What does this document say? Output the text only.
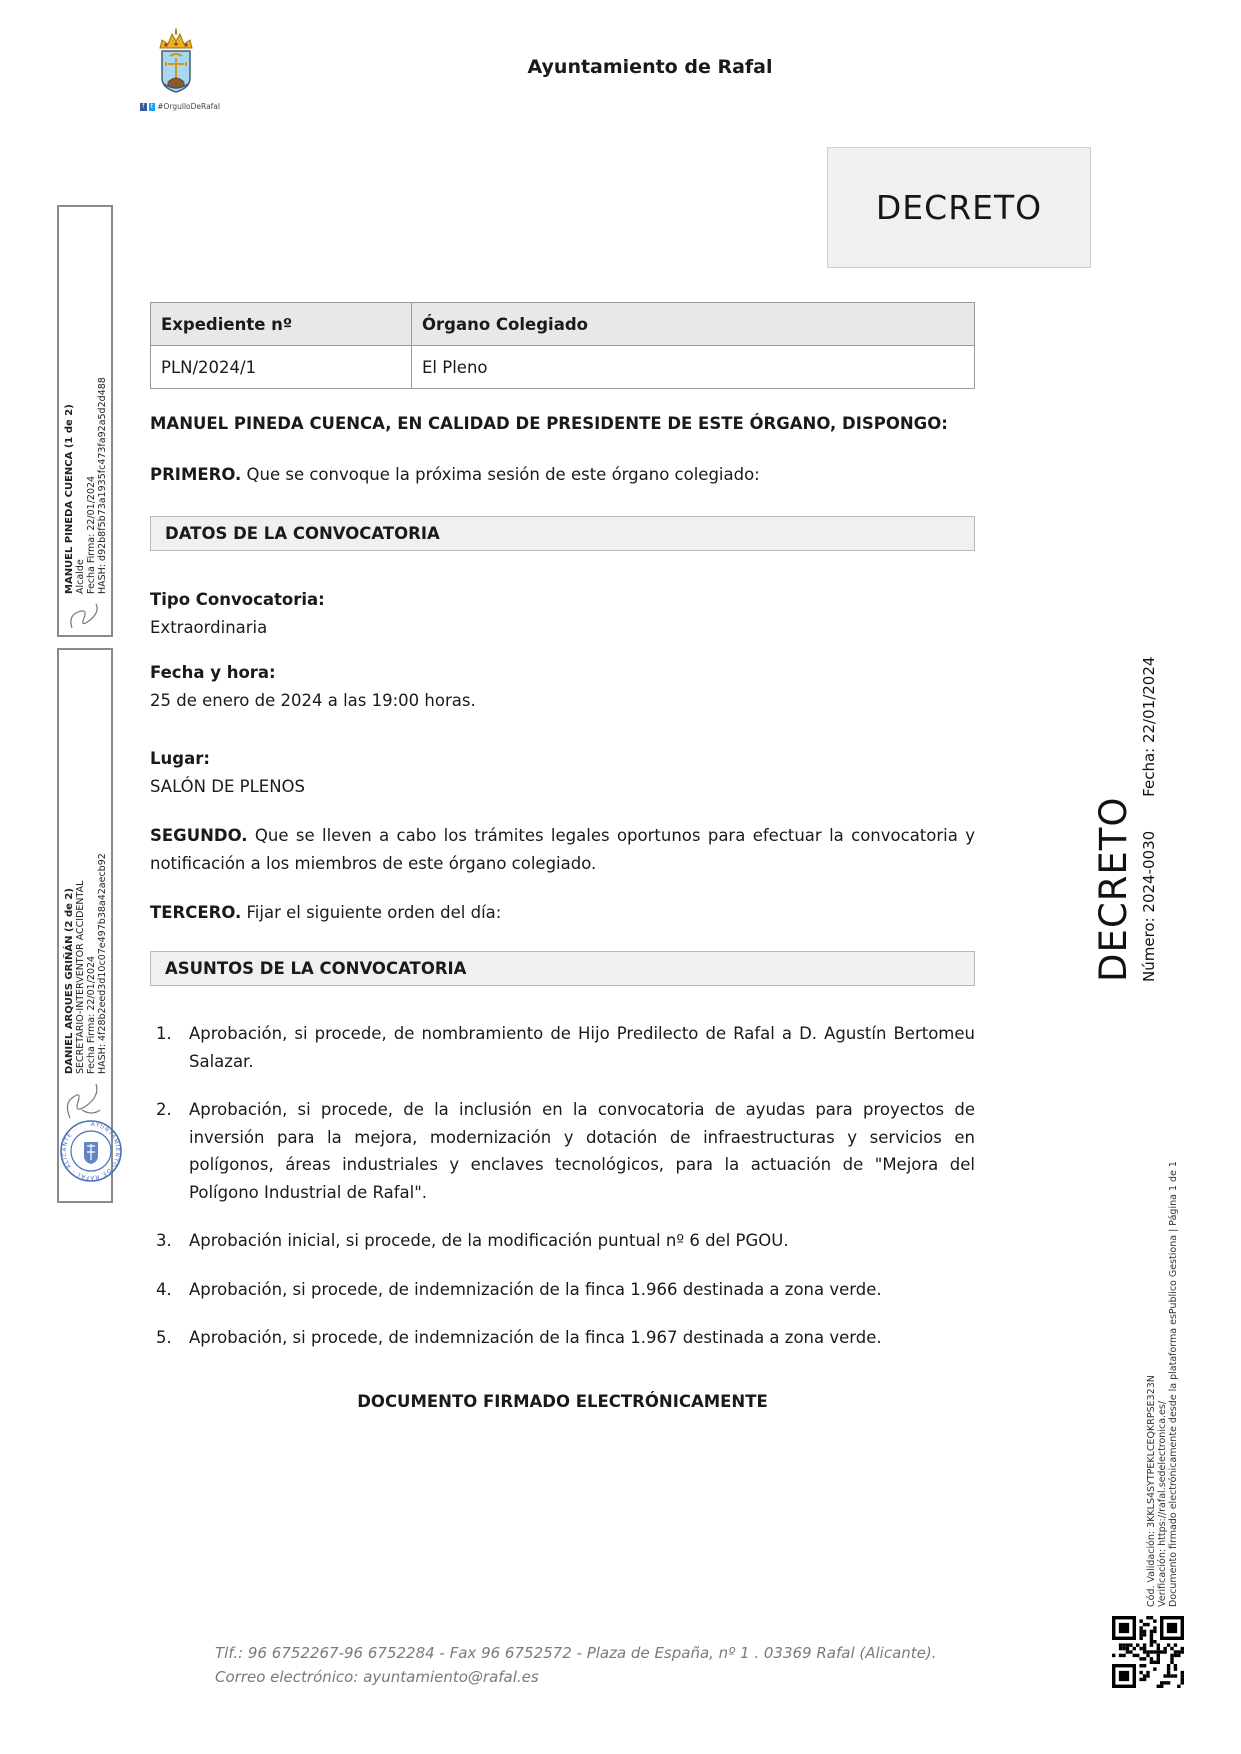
f	t #OrgulloDeRafal
Ayuntamiento de Rafal
DECRETO
Expediente nº	Órgano Colegiado
PLN/2024/1	El Pleno
MANUEL PINEDA CUENCA, EN CALIDAD DE PRESIDENTE DE ESTE ÓRGANO, DISPONGO:
PRIMERO. Que se convoque la próxima sesión de este órgano colegiado:
DATOS DE LA CONVOCATORIA
Tipo Convocatoria:
Extraordinaria
Fecha y hora:
25 de enero de 2024 a las 19:00 horas.
Lugar:
SALÓN DE PLENOS
SEGUNDO. Que se lleven a cabo los trámites legales oportunos para efectuar la convocatoria y notificación a los miembros de este órgano colegiado.
TERCERO. Fijar el siguiente orden del día:
ASUNTOS DE LA CONVOCATORIA
1.	Aprobación, si procede, de nombramiento de Hijo Predilecto de Rafal a D. Agustín Bertomeu Salazar.
2.	Aprobación, si procede, de la inclusión en la convocatoria de ayudas para proyectos de inversión para la mejora, modernización y dotación de infraestructuras y servicios en polígonos, áreas industriales y enclaves tecnológicos, para la actuación de "Mejora del Polígono Industrial de Rafal".
3.	Aprobación inicial, si procede, de la modificación puntual nº 6 del PGOU.
4.	Aprobación, si procede, de indemnización de la finca 1.966 destinada a zona verde.
5.	Aprobación, si procede, de indemnización de la finca 1.967 destinada a zona verde.
DOCUMENTO FIRMADO ELECTRÓNICAMENTE
Tlf.: 96 6752267-96 6752284 - Fax 96 6752572 - Plaza de España, nº 1 . 03369 Rafal (Alicante).
Correo electrónico: ayuntamiento@rafal.es
MANUEL PINEDA CUENCA (1 de 2) Alcalde Fecha Firma: 22/01/2024 HASH: d92b8f5b73a1935fc473fa92a5d2d488
DANIEL ARQUES GRIÑÁN (2 de 2) SECRETARIO-INTERVENTOR ACCIDENTAL Fecha Firma: 22/01/2024 HASH: 4f28b2eed3d10c07e497b38a42aecb92
AYUNTAMIENTO DE RAFAL · ALICANTE ·
DECRETO Número: 2024-0030Fecha: 22/01/2024
Cód. Validación: 3KKLS4SYTPEKLCEQKRPSE323N Verificación: https://rafal.sedelectronica.es/ Documento firmado electrónicamente desde la plataforma esPublico Gestiona | Página 1 de 1
